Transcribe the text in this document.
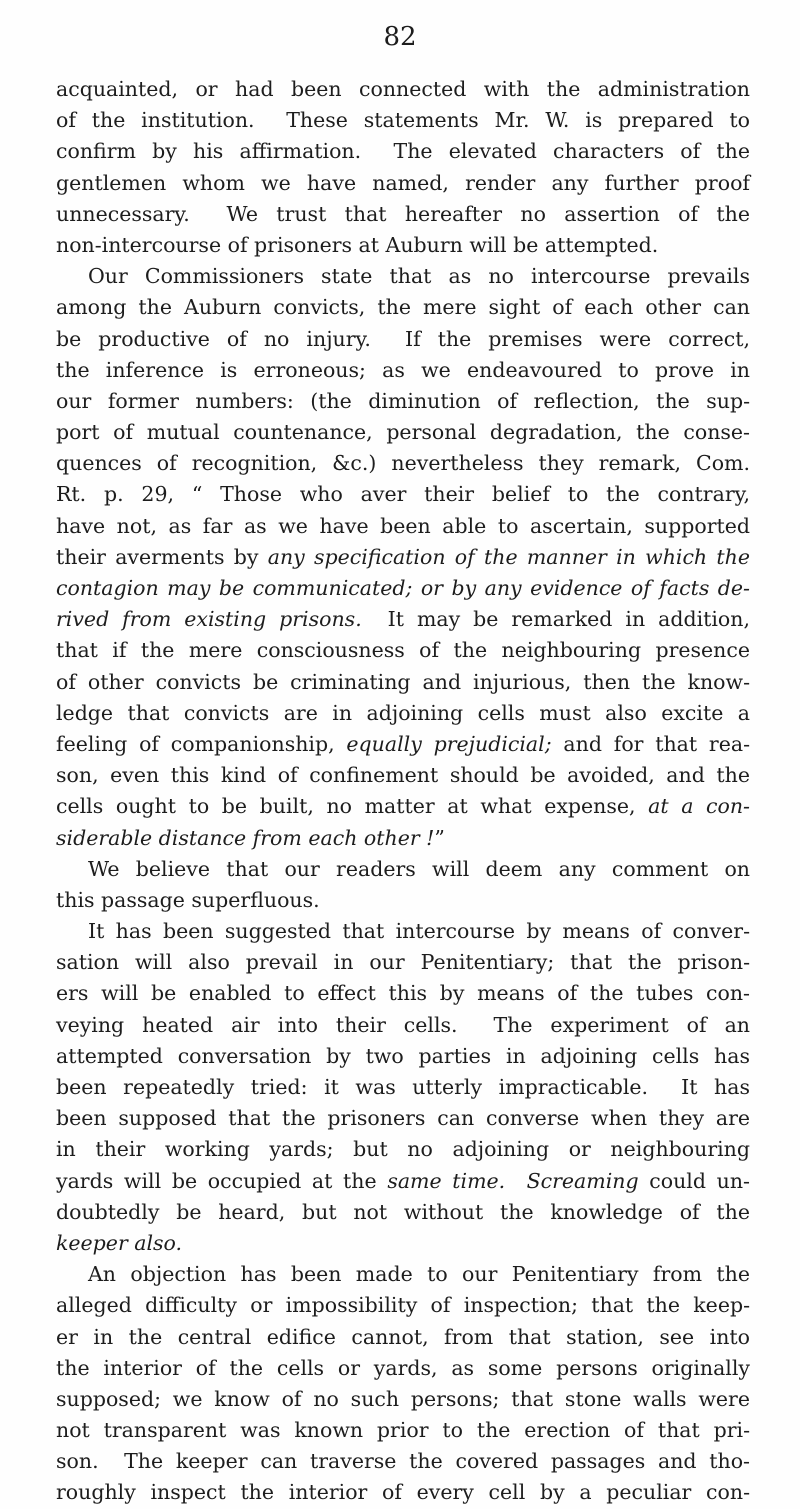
82
acquainted, or had been connected with the administration
of the institution.  These statements Mr. W. is prepared to
confirm by his affirmation.  The elevated characters of the
gentlemen whom we have named, render any further proof
unnecessary.  We trust that hereafter no assertion of the
non-intercourse of prisoners at Auburn will be attempted.
Our Commissioners state that as no intercourse prevails
among the Auburn convicts, the mere sight of each other can
be productive of no injury.  If the premises were correct,
the inference is erroneous; as we endeavoured to prove in
our former numbers: (the diminution of reflection, the sup-
port of mutual countenance, personal degradation, the conse-
quences of recognition, &c.) nevertheless they remark, Com.
Rt. p. 29, “ Those who aver their belief to the contrary,
have not, as far as we have been able to ascertain, supported
their averments by any specification of the manner in which the
contagion may be communicated; or by any evidence of facts de-
rived from existing prisons.  It may be remarked in addition,
that if the mere consciousness of the neighbouring presence
of other convicts be criminating and injurious, then the know-
ledge that convicts are in adjoining cells must also excite a
feeling of companionship, equally prejudicial; and for that rea-
son, even this kind of confinement should be avoided, and the
cells ought to be built, no matter at what expense, at a con-
siderable distance from each other !”
We believe that our readers will deem any comment on
this passage superfluous.
It has been suggested that intercourse by means of conver-
sation will also prevail in our Penitentiary; that the prison-
ers will be enabled to effect this by means of the tubes con-
veying heated air into their cells.  The experiment of an
attempted conversation by two parties in adjoining cells has
been repeatedly tried: it was utterly impracticable.  It has
been supposed that the prisoners can converse when they are
in their working yards; but no adjoining or neighbouring
yards will be occupied at the same time. Screaming could un-
doubtedly be heard, but not without the knowledge of the
keeper also.
An objection has been made to our Penitentiary from the
alleged difficulty or impossibility of inspection; that the keep-
er in the central edifice cannot, from that station, see into
the interior of the cells or yards, as some persons originally
supposed; we know of no such persons; that stone walls were
not transparent was known prior to the erection of that pri-
son.  The keeper can traverse the covered passages and tho-
roughly inspect the interior of every cell by a peculiar con-
